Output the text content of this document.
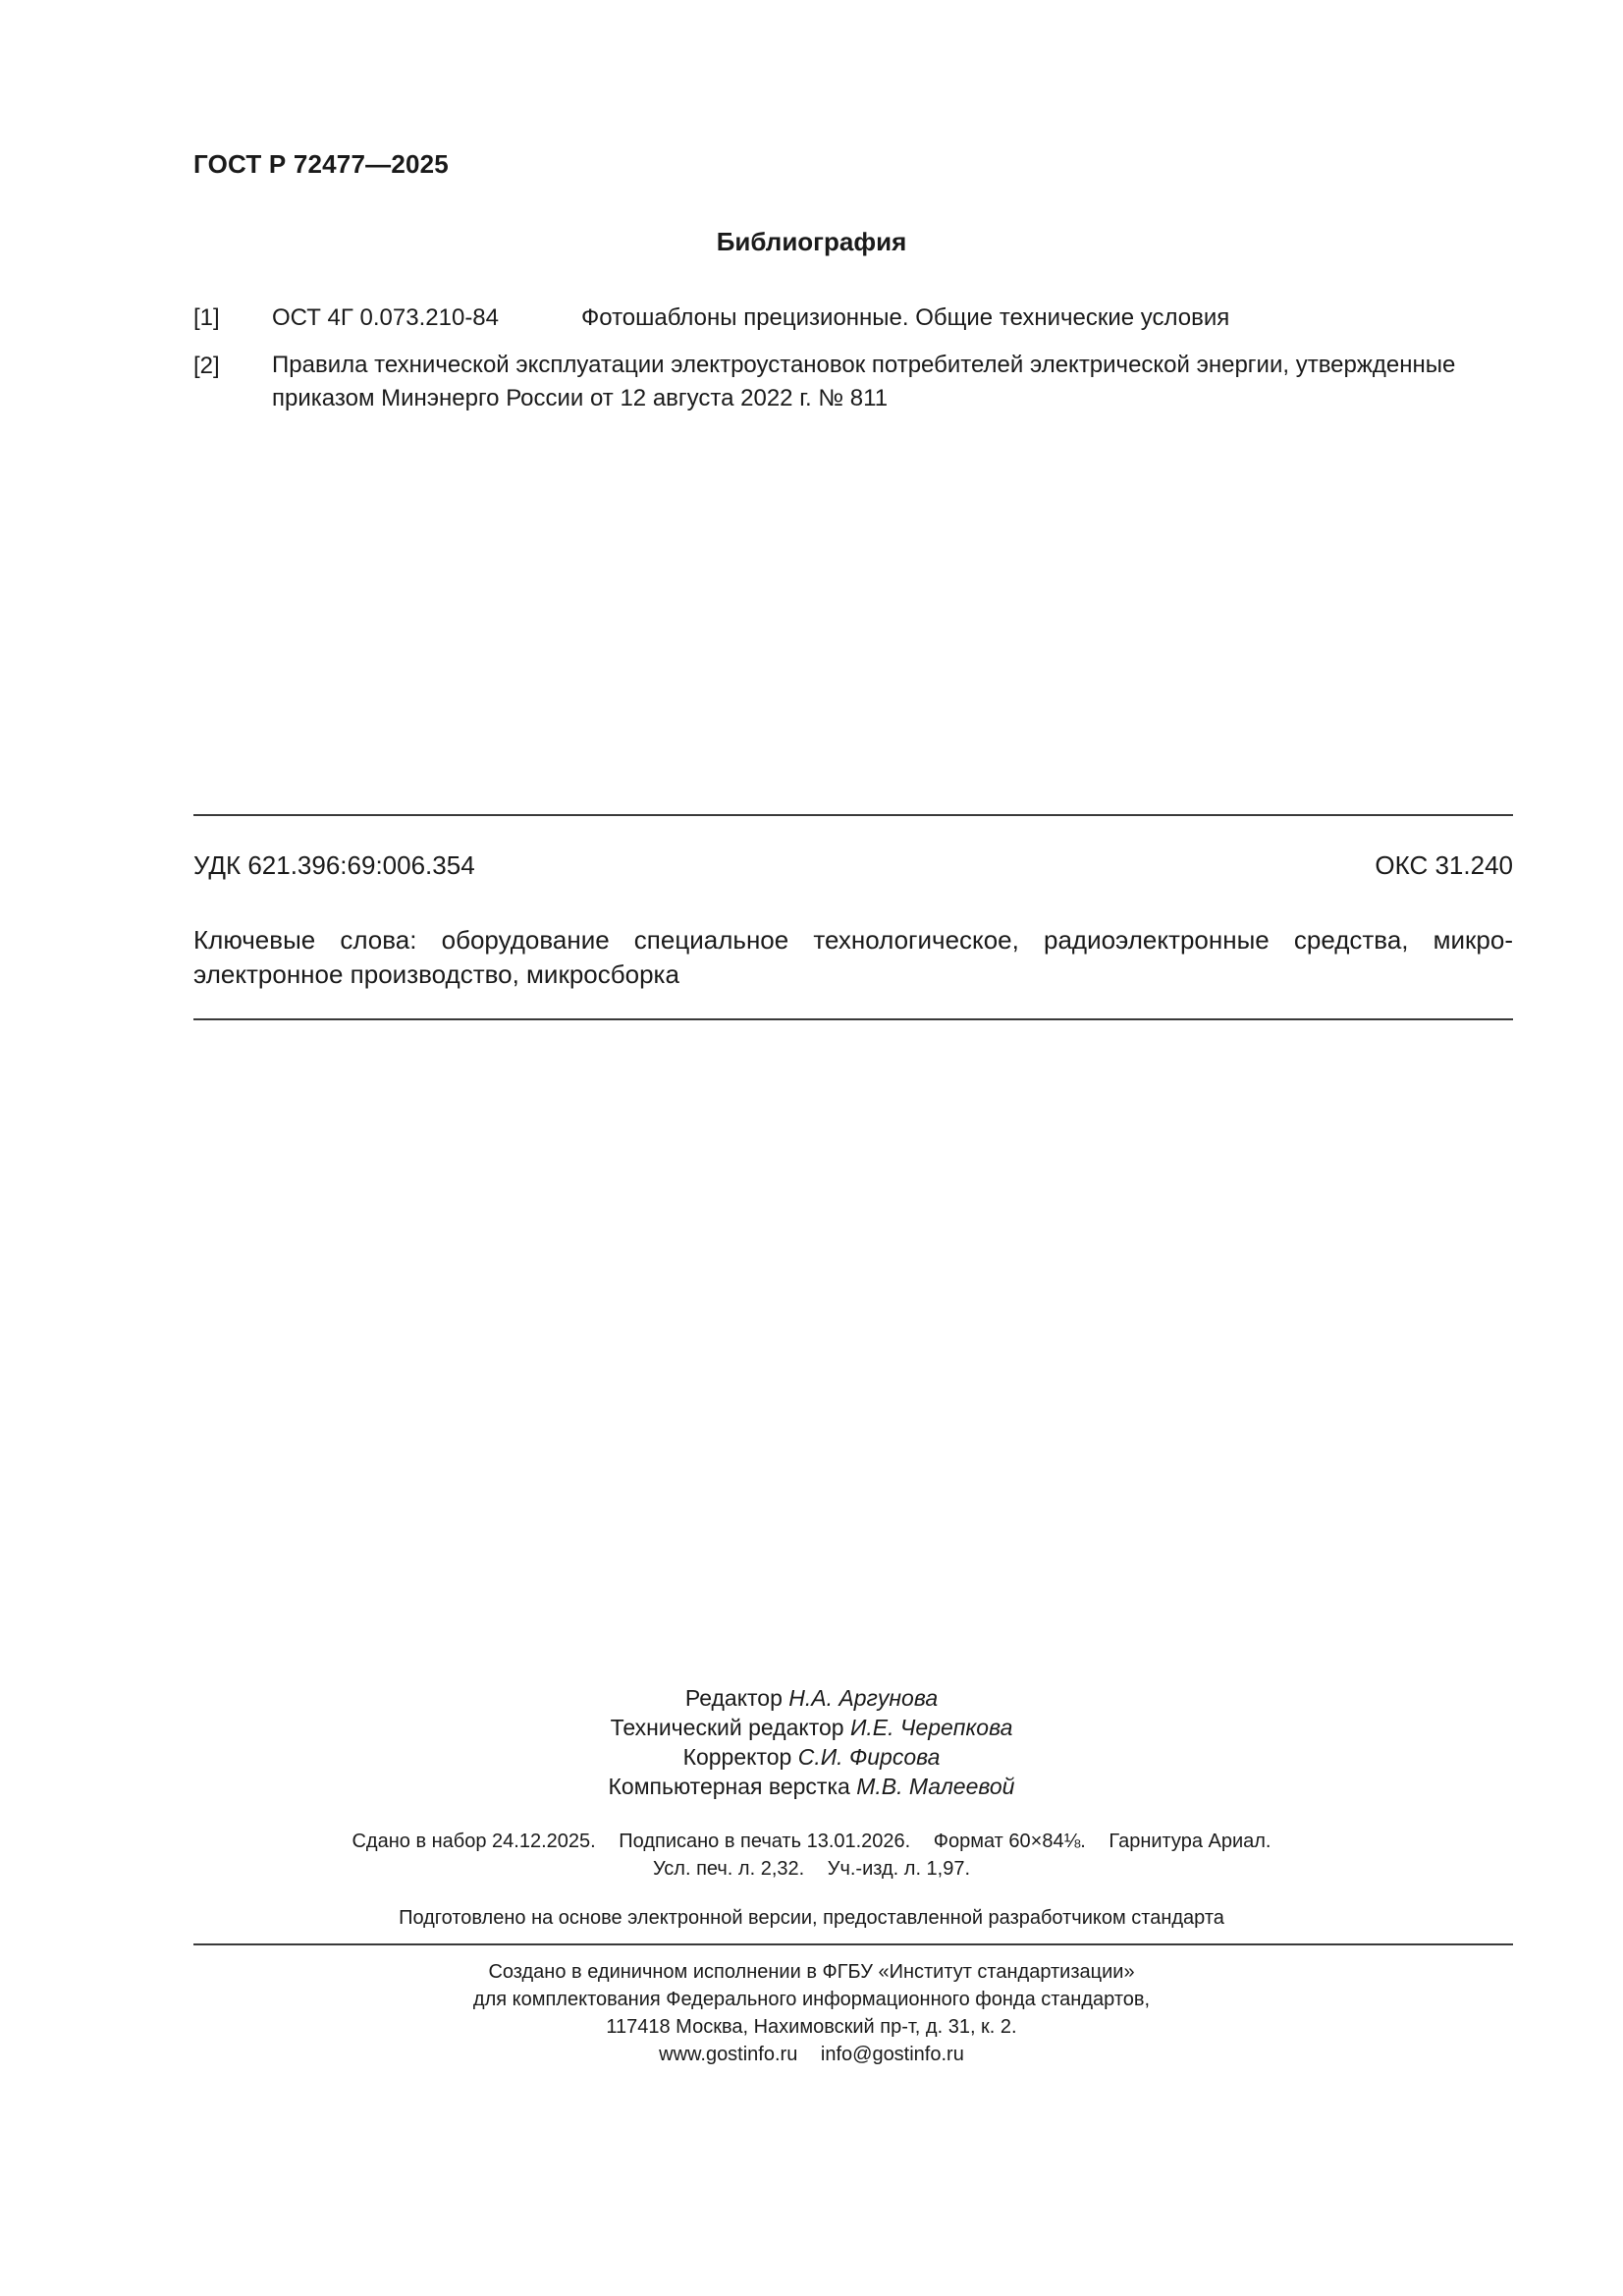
ГОСТ Р 72477—2025
Библиография
[1] ОСТ 4Г 0.073.210-84	Фотошаблоны прецизионные. Общие технические условия
[2] Правила технической эксплуатации электроустановок потребителей электрической энергии, утвержденные приказом Минэнерго России от 12 августа 2022 г. № 811
УДК 621.396:69:006.354	ОКС 31.240
Ключевые слова: оборудование специальное технологическое, радиоэлектронные средства, микро-
электронное производство, микросборка
Редактор Н.А. Аргунова
Технический редактор И.Е. Черепкова
Корректор С.И. Фирсова
Компьютерная верстка М.В. Малеевой
Сдано в набор 24.12.2025. Подписано в печать 13.01.2026. Формат 60×84⅛. Гарнитура Ариал.
Усл. печ. л. 2,32. Уч.-изд. л. 1,97.
Подготовлено на основе электронной версии, предоставленной разработчиком стандарта
Создано в единичном исполнении в ФГБУ «Институт стандартизации»
для комплектования Федерального информационного фонда стандартов,
117418 Москва, Нахимовский пр-т, д. 31, к. 2.
www.gostinfo.ru info@gostinfo.ru
